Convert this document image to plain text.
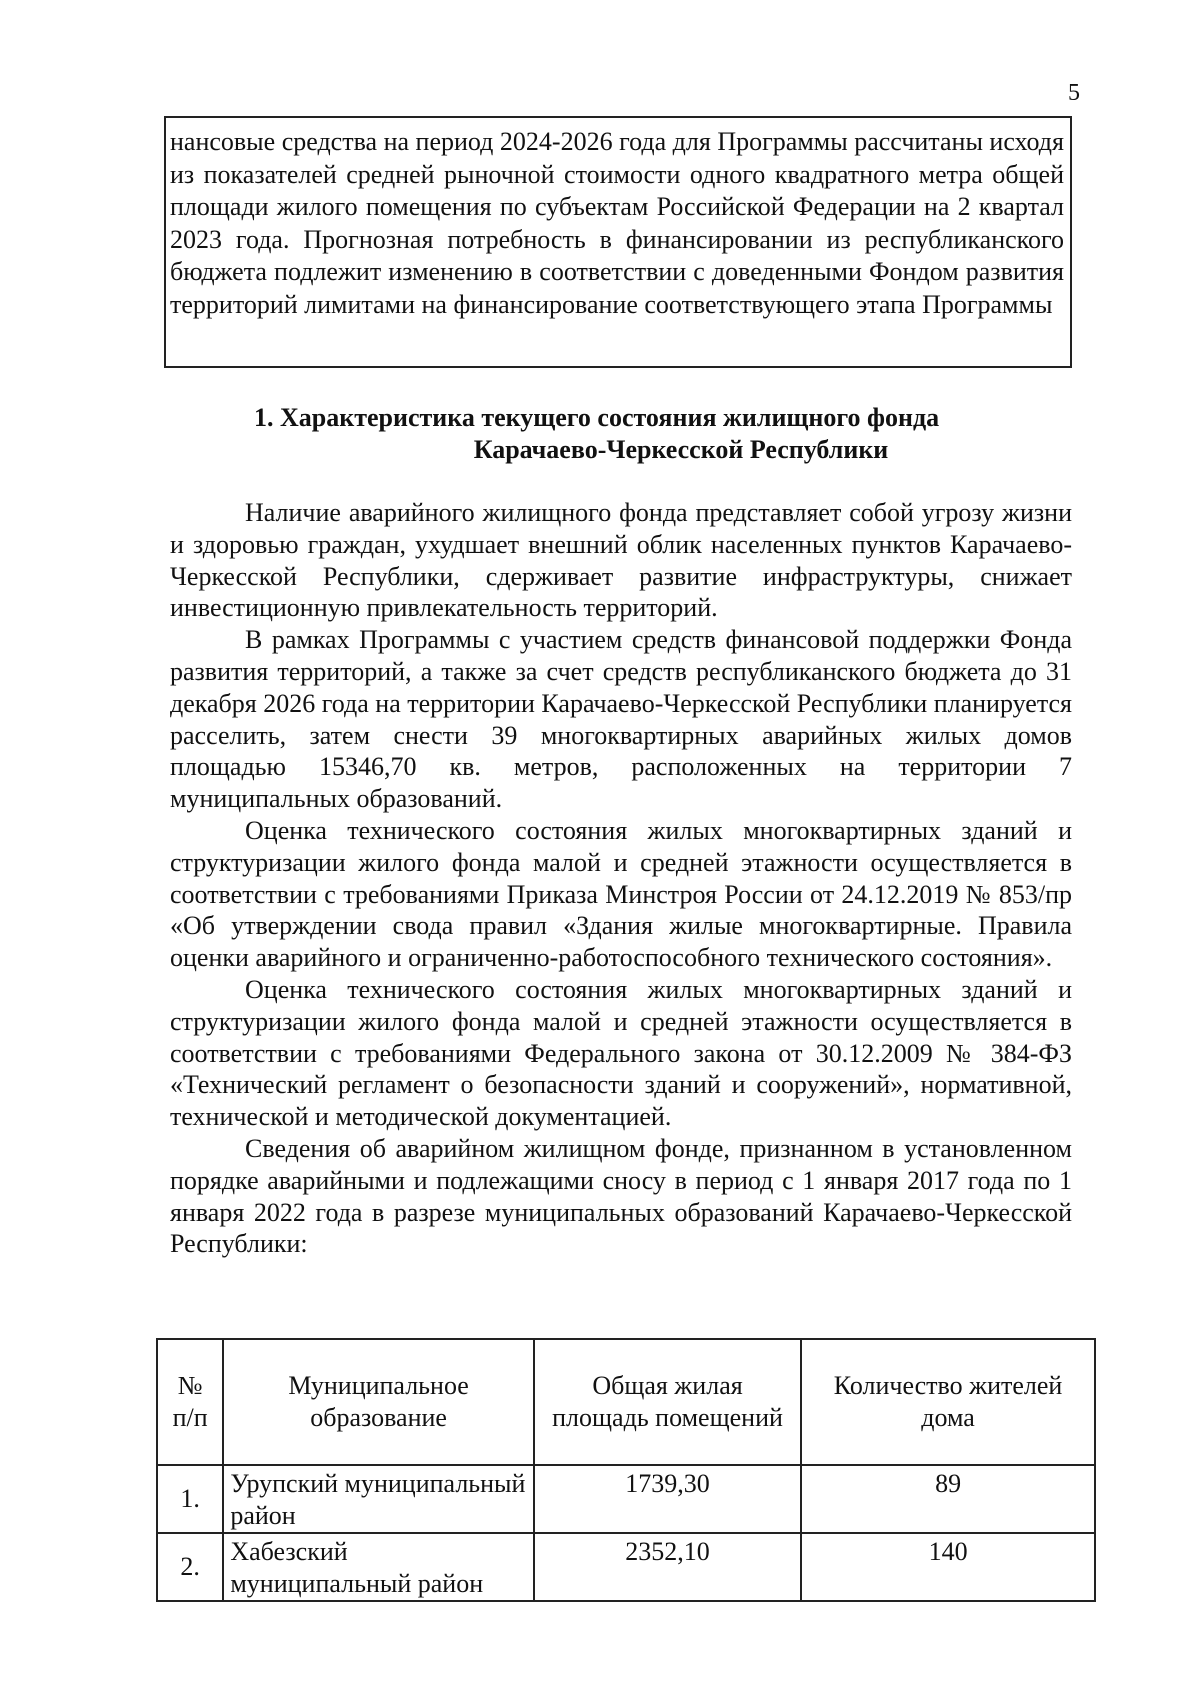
5

нансовые средства на период 2024-2026 года для Программы рассчитаны исходя из показателей средней рыночной стоимости одного квадратного метра общей площади жилого помещения по субъектам Российской Федерации на 2 квартал 2023 года. Прогнозная потребность в финансировании из республиканского бюджета подлежит изменению в соответствии с доведенными Фондом развития территорий лимитами на финансирование соответствующего этапа Программы

1. Характеристика текущего состояния жилищного фонда
Карачаево-Черкесской Республики

Наличие аварийного жилищного фонда представляет собой угрозу жизни и здоровью граждан, ухудшает внешний облик населенных пунктов Карачаево-Черкесской Республики, сдерживает развитие инфраструктуры, снижает инвестиционную привлекательность территорий.

В рамках Программы с участием средств финансовой поддержки Фонда развития территорий, а также за счет средств республиканского бюджета до 31 декабря 2026 года на территории Карачаево-Черкесской Республики планируется расселить, затем снести 39 многоквартирных аварийных жилых домов площадью 15346,70 кв. метров, расположенных на территории 7 муниципальных образований.

Оценка технического состояния жилых многоквартирных зданий и структуризации жилого фонда малой и средней этажности осуществляется в соответствии с требованиями Приказа Минстроя России от 24.12.2019 № 853/пр «Об утверждении свода правил «Здания жилые многоквартирные. Правила оценки аварийного и ограниченно-работоспособного технического состояния».

Оценка технического состояния жилых многоквартирных зданий и структуризации жилого фонда малой и средней этажности осуществляется в соответствии с требованиями Федерального закона от 30.12.2009 № 384-ФЗ «Технический регламент о безопасности зданий и сооружений», нормативной, технической и методической документацией.

Сведения об аварийном жилищном фонде, признанном в установленном порядке аварийными и подлежащими сносу в период с 1 января 2017 года по 1 января 2022 года в разрезе муниципальных образований Карачаево-Черкесской Республики:

№ п/п	Муниципальное образование	Общая жилая площадь помещений	Количество жителей дома
1.	Урупский муниципальный район	1739,30	89
2.	Хабезский муниципальный район	2352,10	140
